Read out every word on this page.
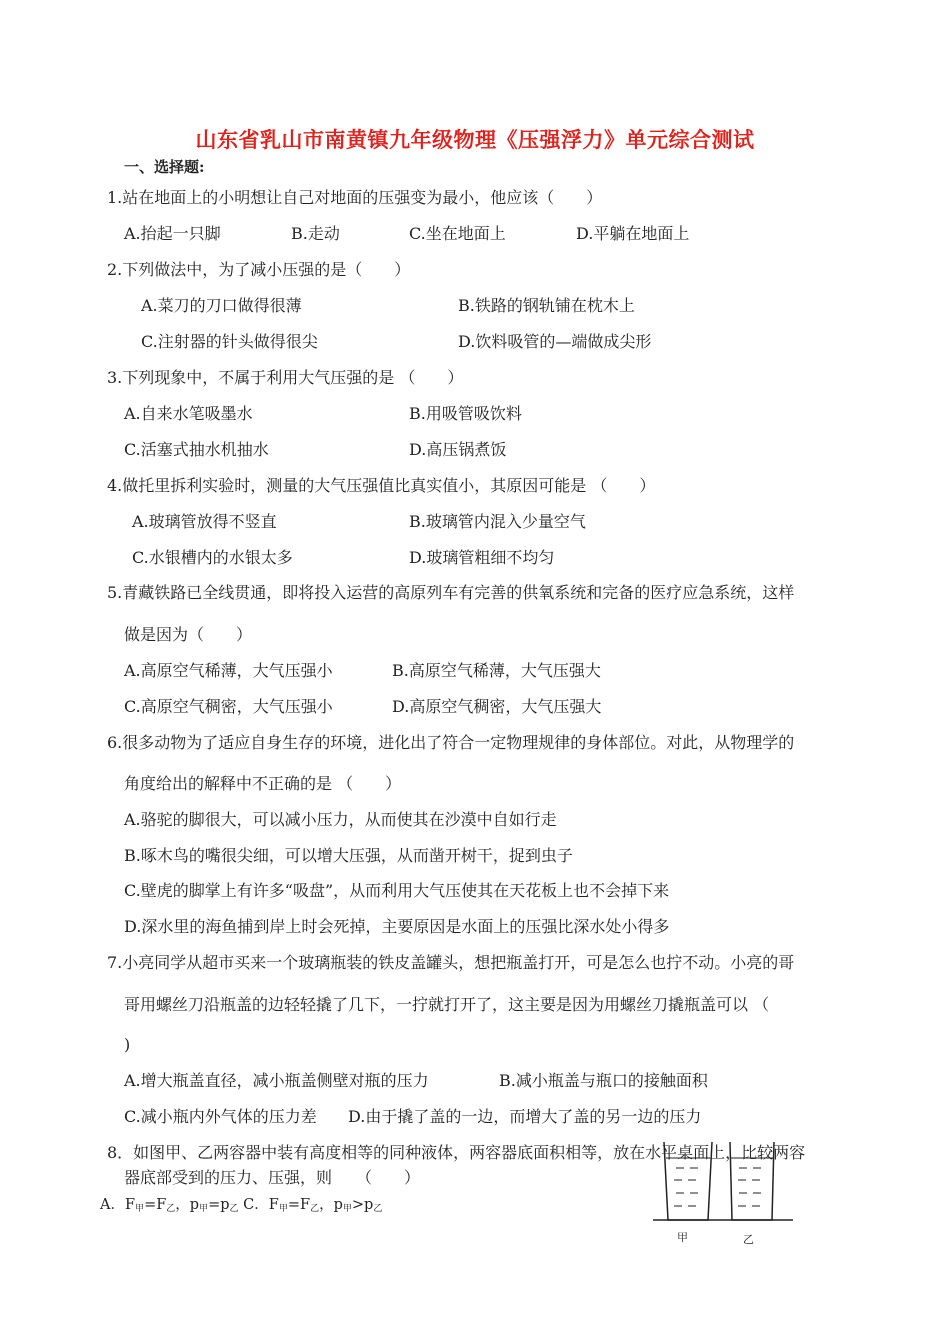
山东省乳山市南黄镇九年级物理《压强浮力》单元综合测试
一、选择题:
1.站在地面上的小明想让自己对地面的压强变为最小，他应该（　　）
A.抬起一只脚	B.走动	C.坐在地面上	D.平躺在地面上
2.下列做法中，为了减小压强的是（　　）
A.菜刀的刀口做得很薄	B.铁路的钢轨铺在枕木上
C.注射器的针头做得很尖	D.饮料吸管的—端做成尖形
3.下列现象中，不属于利用大气压强的是 （　　）
A.自来水笔吸墨水	B.用吸管吸饮料
C.活塞式抽水机抽水	D.高压锅煮饭
4.做托里拆利实验时，测量的大气压强值比真实值小，其原因可能是 （　　）
A.玻璃管放得不竖直	B.玻璃管内混入少量空气
C.水银槽内的水银太多	D.玻璃管粗细不均匀
5.青藏铁路已全线贯通，即将投入运营的高原列车有完善的供氧系统和完备的医疗应急系统，这样
做是因为（　　）
A.高原空气稀薄，大气压强小	B.高原空气稀薄，大气压强大
C.高原空气稠密，大气压强小	D.高原空气稠密，大气压强大
6.很多动物为了适应自身生存的环境，进化出了符合一定物理规律的身体部位。对此，从物理学的
角度给出的解释中不正确的是 （　　）
A.骆驼的脚很大，可以减小压力，从而使其在沙漠中自如行走
B.啄木鸟的嘴很尖细，可以增大压强，从而凿开树干，捉到虫子
C.壁虎的脚掌上有许多“吸盘”，从而利用大气压使其在天花板上也不会掉下来
D.深水里的海鱼捕到岸上时会死掉，主要原因是水面上的压强比深水处小得多
7.小亮同学从超市买来一个玻璃瓶装的铁皮盖罐头，想把瓶盖打开，可是怎么也拧不动。小亮的哥
哥用螺丝刀沿瓶盖的边轻轻撬了几下，一拧就打开了，这主要是因为用螺丝刀撬瓶盖可以 （
)
A.增大瓶盖直径，减小瓶盖侧壁对瓶的压力	B.减小瓶盖与瓶口的接触面积
C.减小瓶内外气体的压力差 D.由于撬了盖的一边，而增大了盖的另一边的压力
8．如图甲、乙两容器中装有高度相等的同种液体，两容器底面积相等，放在水平桌面上，比较两容
器底部受到的压力、压强，则　　（　　）
A．$F_甲=F_乙$，$p_甲=p_乙$ C．$F_甲=F_乙$，$p_甲>p_乙$
甲	乙
